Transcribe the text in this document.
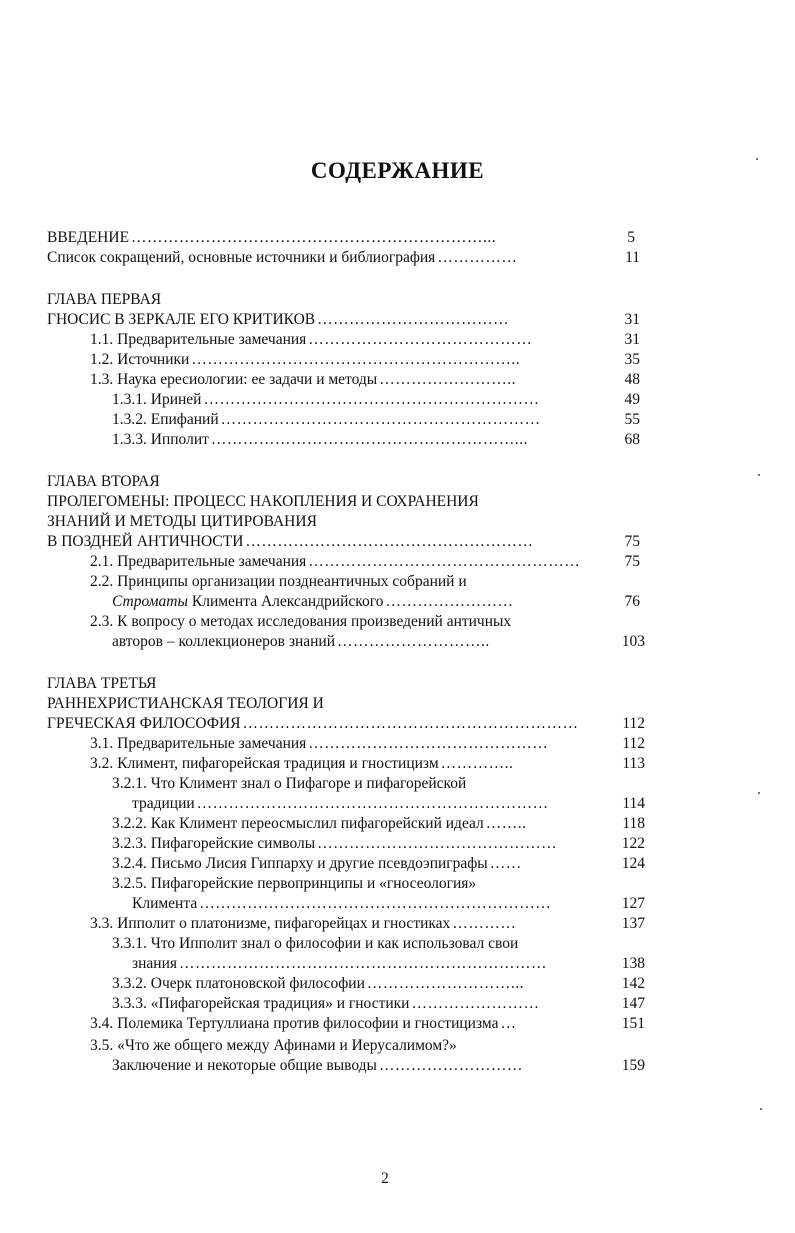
СОДЕРЖАНИЕ
ВВЕДЕНИЕ …………………………………………………………...	5
Список сокращений, основные источники и библиография ……………	11
ГЛАВА ПЕРВАЯ
ГНОСИС В ЗЕРКАЛЕ ЕГО КРИТИКОВ ………………………………	31
1.1. Предварительные замечания ……………………………………	31
1.2. Источники ……………………………………………………..	35
1.3. Наука ересиологии: ее задачи и методы ……………………..	48
1.3.1. Ириней ………………………………………………………	49
1.3.2. Епифаний ……………………………………………………	55
1.3.3. Ипполит …………………………………………………...	68
ГЛАВА ВТОРАЯ
ПРОЛЕГОМЕНЫ: ПРОЦЕСС НАКОПЛЕНИЯ И СОХРАНЕНИЯ
ЗНАНИЙ И МЕТОДЫ ЦИТИРОВАНИЯ
В ПОЗДНЕЙ АНТИЧНОСТИ ………………………………………………	75
2.1. Предварительные замечания ……………………………………………	75
2.2. Принципы организации позднеантичных собраний и
Строматы Климента Александрийского ……………………	76
2.3. К вопросу о методах исследования произведений античных
авторов – коллекционеров знаний ………………………..	103
ГЛАВА ТРЕТЬЯ
РАННЕХРИСТИАНСКАЯ ТЕОЛОГИЯ И
ГРЕЧЕСКАЯ ФИЛОСОФИЯ ………………………………………………………	112
3.1. Предварительные замечания ………………………………………	112
3.2. Климент, пифагорейская традиция и гностицизм …………..	113
3.2.1. Что Климент знал о Пифагоре и пифагорейской
традиции …………………………………………………………	114
3.2.2. Как Климент переосмыслил пифагорейский идеал ……..	118
3.2.3. Пифагорейские символы ………………………………………	122
3.2.4. Письмо Лисия Гиппарху и другие псевдоэпиграфы ……	124
3.2.5. Пифагорейские первопринципы и «гносеология»
Климента …………………………………………………………	127
3.3. Ипполит о платонизме, пифагорейцах и гностиках …………	137
3.3.1. Что Ипполит знал о философии и как использовал свои
знания ……………………………………………………………	138
3.3.2. Очерк платоновской философии ………………………...	142
3.3.3. «Пифагорейская традиция» и гностики ……………………	147
3.4. Полемика Тертуллиана против философии и гностицизма …	151
3.5. «Что же общего между Афинами и Иерусалимом?»
Заключение и некоторые общие выводы ………………………	159
2
